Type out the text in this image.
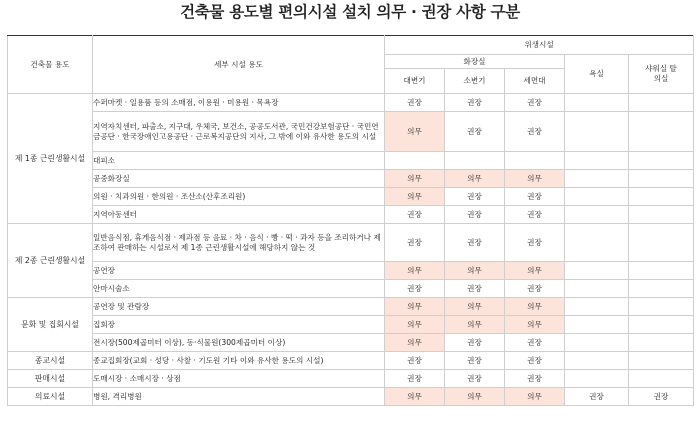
건축물 용도별 편의시설 설치 의무 · 권장 사항 구분
건축물 용도	세부 시설 용도	위생시설				
		화장실			욕실	샤워실 탈의실
		대변기	소변기	세면대		
제 1종 근린생활시설	수퍼마켓 · 일용품 등의 소매점, 이용원 · 미용원 · 목욕장	권장	권장	권장		
	지역자치센터, 파출소, 지구대, 우체국, 보건소, 공공도서관, 국민건강보험공단 · 국민연금공단 · 한국장애인고용공단 · 근로복지공단의 지사, 그 밖에 이와 유사한 용도의 시설	의무	권장	권장		
	대피소					
	공중화장실	의무	의무	의무		
	의원 · 치과의원 · 한의원 · 조산소(산후조리원)	의무	권장	권장		
	지역아동센터	권장	권장	권장		
제 2종 근린생활시설	일반음식점, 휴게음식점 · 제과점 등 음료 · 차 · 음식 · 빵 · 떡 · 과자 등을 조리하거나 제조하여 판매하는 시설로서 제 1종 근린생활시설에 해당하지 않는 것	권장	권장	권장		
	공연장	의무	의무	의무		
	안마시술소	권장	권장	권장		
문화 및 집회시설	공연장 및 관람장	의무	의무	의무		
	집회장	의무	의무	의무		
	전시장(500제곱미터 이상), 동·식물원(300제곱미터 이상)	의무	권장	권장		
종교시설	종교집회장(교회 · 성당 · 사찰 · 기도원 기타 이와 유사한 용도의 시설)	권장	권장	권장		
판매시설	도매시장 · 소매시장 · 상점	권장	권장	권장		
의료시설	병원, 격리병원	의무	의무	의무	권장	권장
